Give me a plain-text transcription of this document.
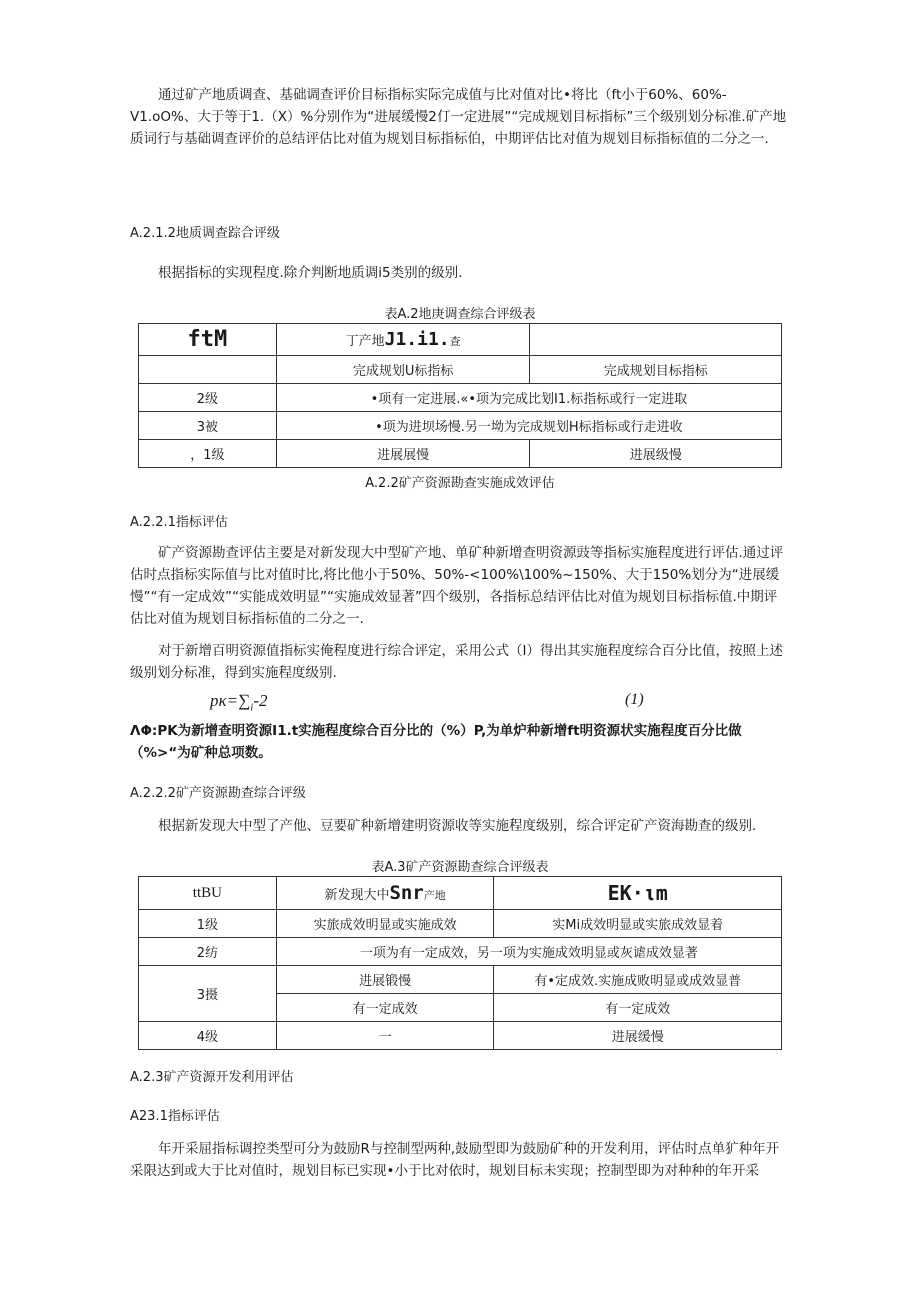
通过矿产地质调查、基础调查评价目标指标实际完成值与比对值对比•将比（ft小于60%、60%-V1.oO%、大于等于1.（X）%分别作为“进展缓慢2仃一定进展”“完成规划目标指标”三个级别划分标准.矿产地质词行与基础调查评价的总结评估比对值为规划目标指标伯，中期评估比对值为规划目标指标值的二分之一.

A.2.1.2地质调查踪合评级

根据指标的实现程度.除介判断地质调i5类别的级别.

表A.2地庚调查综合评级表

ftM	丁产地J1.i1.查	
	完成规划U标指标	完成规划目标指标
2级	•项有一定进展.«•项为完成比划I1.标指标或行一定进取	
3被	•项为进坝场慢.另一坳为完成规划H标指标或行走进收	
，1级	进展展慢	进展级慢

A.2.2矿产资源勘查实施成效评估

A.2.2.1指标评估

矿产资源勘查评估主要是对新发现大中型矿产地、单矿种新增查明资源豉等指标实施程度进行评估.通过评估时点指标实际值与比对值时比,将比他小于50%、50%-<100%\100%~150%、大于150%划分为“进展缓慢”“有一定成效”“实能成效明显”“实施成效显著”四个级别，各指标总结评估比对值为规划目标指标值.中期评估比对值为规划目标指标值的二分之一.

对于新增百明资源值指标实俺程度进行综合评定，采用公式（I）得出其实施程度综合百分比值，按照上述级别划分标准，得到实施程度级别.

$p\kappa=\sum_i-2$	(1)

ΛΦ:PK为新增查明资源I1.t实施程度综合百分比的（%）P,为单炉种新增ft明资源状实施程度百分比做（%>“为矿种总项数。

A.2.2.2矿产资源勘查综合评级

根据新发现大中型了产他、豆要矿种新增建明资源收等实施程度级别，综合评定矿产资海勘查的级别.

表A.3矿产资源勘查综合评级表

ttBU	新发现大中Snr产地	EK·ιm
1级	实旅成效明显或实施成效	实Mi成效明显或实旅成效显着
2纺	一项为有一定成效，另一项为实施成效明显或灰谑成效显著	
3摄	进展锻慢	有•定成效.实施成败明显或成效显普
	有一定成效	有一定成效
4级	一	进展缓慢

A.2.3矿产资源开发利用评估

A23.1指标评估

年开采屈指标调控类型可分为鼓励R与控制型两种,鼓励型即为鼓励矿种的开发利用，评估时点单犷种年开采限达到或大于比对值时，规划目标已实现•小于比对依时，规划目标未实现；控制型即为对种种的年开采
